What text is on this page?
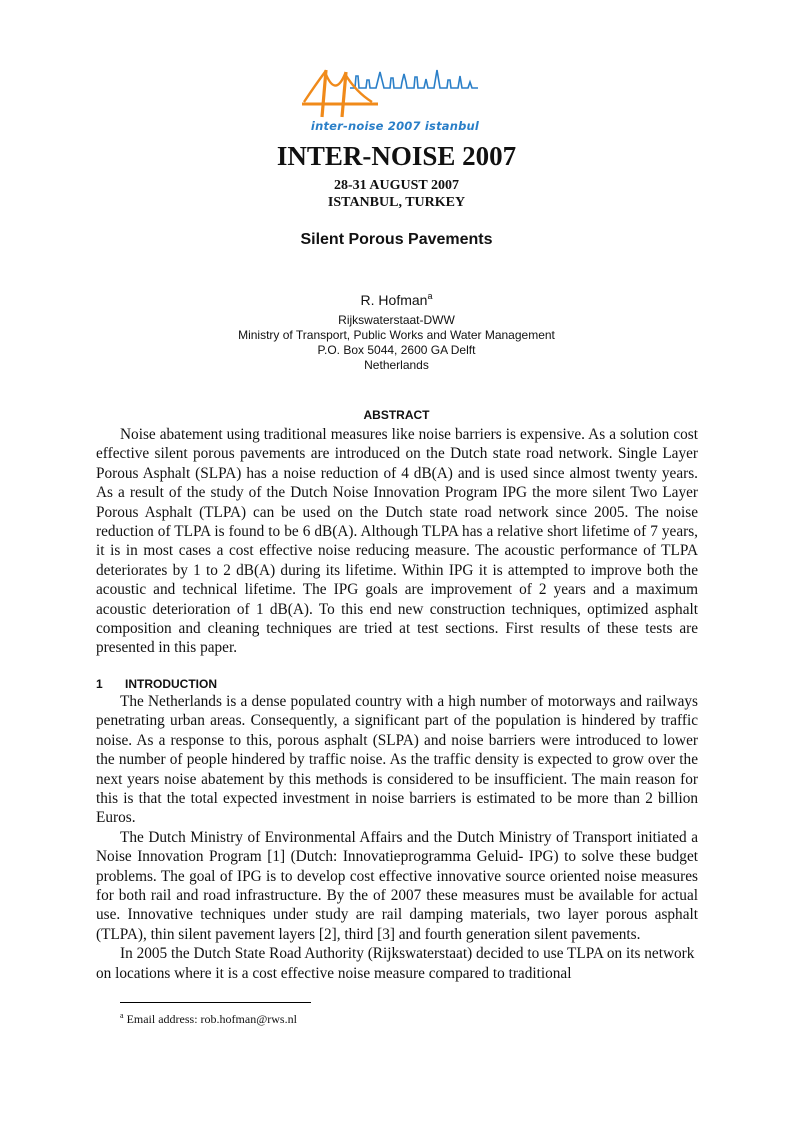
inter-noise 2007 istanbul
INTER-NOISE 2007
28-31 AUGUST 2007
ISTANBUL, TURKEY
Silent Porous Pavements
R. Hofman$^a$
Rijkswaterstaat-DWW
Ministry of Transport, Public Works and Water Management
P.O. Box 5044, 2600 GA Delft
Netherlands
ABSTRACT

Noise abatement using traditional measures like noise barriers is expensive. As a solution cost effective silent porous pavements are introduced on the Dutch state road network. Single Layer Porous Asphalt (SLPA) has a noise reduction of 4 dB(A) and is used since almost twenty years. As a result of the study of the Dutch Noise Innovation Program IPG the more silent Two Layer Porous Asphalt (TLPA) can be used on the Dutch state road network since 2005. The noise reduction of TLPA is found to be 6 dB(A). Although TLPA has a relative short lifetime of 7 years, it is in most cases a cost effective noise reducing measure. The acoustic performance of TLPA deteriorates by 1 to 2 dB(A) during its lifetime. Within IPG it is attempted to improve both the acoustic and technical lifetime. The IPG goals are improvement of 2 years and a maximum acoustic deterioration of 1 dB(A). To this end new construction techniques, optimized asphalt composition and cleaning techniques are tried at test sections. First results of these tests are presented in this paper.

1 INTRODUCTION

The Netherlands is a dense populated country with a high number of motorways and railways penetrating urban areas. Consequently, a significant part of the population is hindered by traffic noise. As a response to this, porous asphalt (SLPA) and noise barriers were introduced to lower the number of people hindered by traffic noise. As the traffic density is expected to grow over the next years noise abatement by this methods is considered to be insufficient. The main reason for this is that the total expected investment in noise barriers is estimated to be more than 2 billion Euros.

The Dutch Ministry of Environmental Affairs and the Dutch Ministry of Transport initiated a Noise Innovation Program [1] (Dutch: Innovatieprogramma Geluid- IPG) to solve these budget problems. The goal of IPG is to develop cost effective innovative source oriented noise measures for both rail and road infrastructure. By the of 2007 these measures must be available for actual use. Innovative techniques under study are rail damping materials, two layer porous asphalt (TLPA), thin silent pavement layers [2], third [3] and fourth generation silent pavements.

In 2005 the Dutch State Road Authority (Rijkswaterstaat) decided to use TLPA on its network on locations where it is a cost effective noise measure compared to traditional

$^a$ Email address: rob.hofman@rws.nl
